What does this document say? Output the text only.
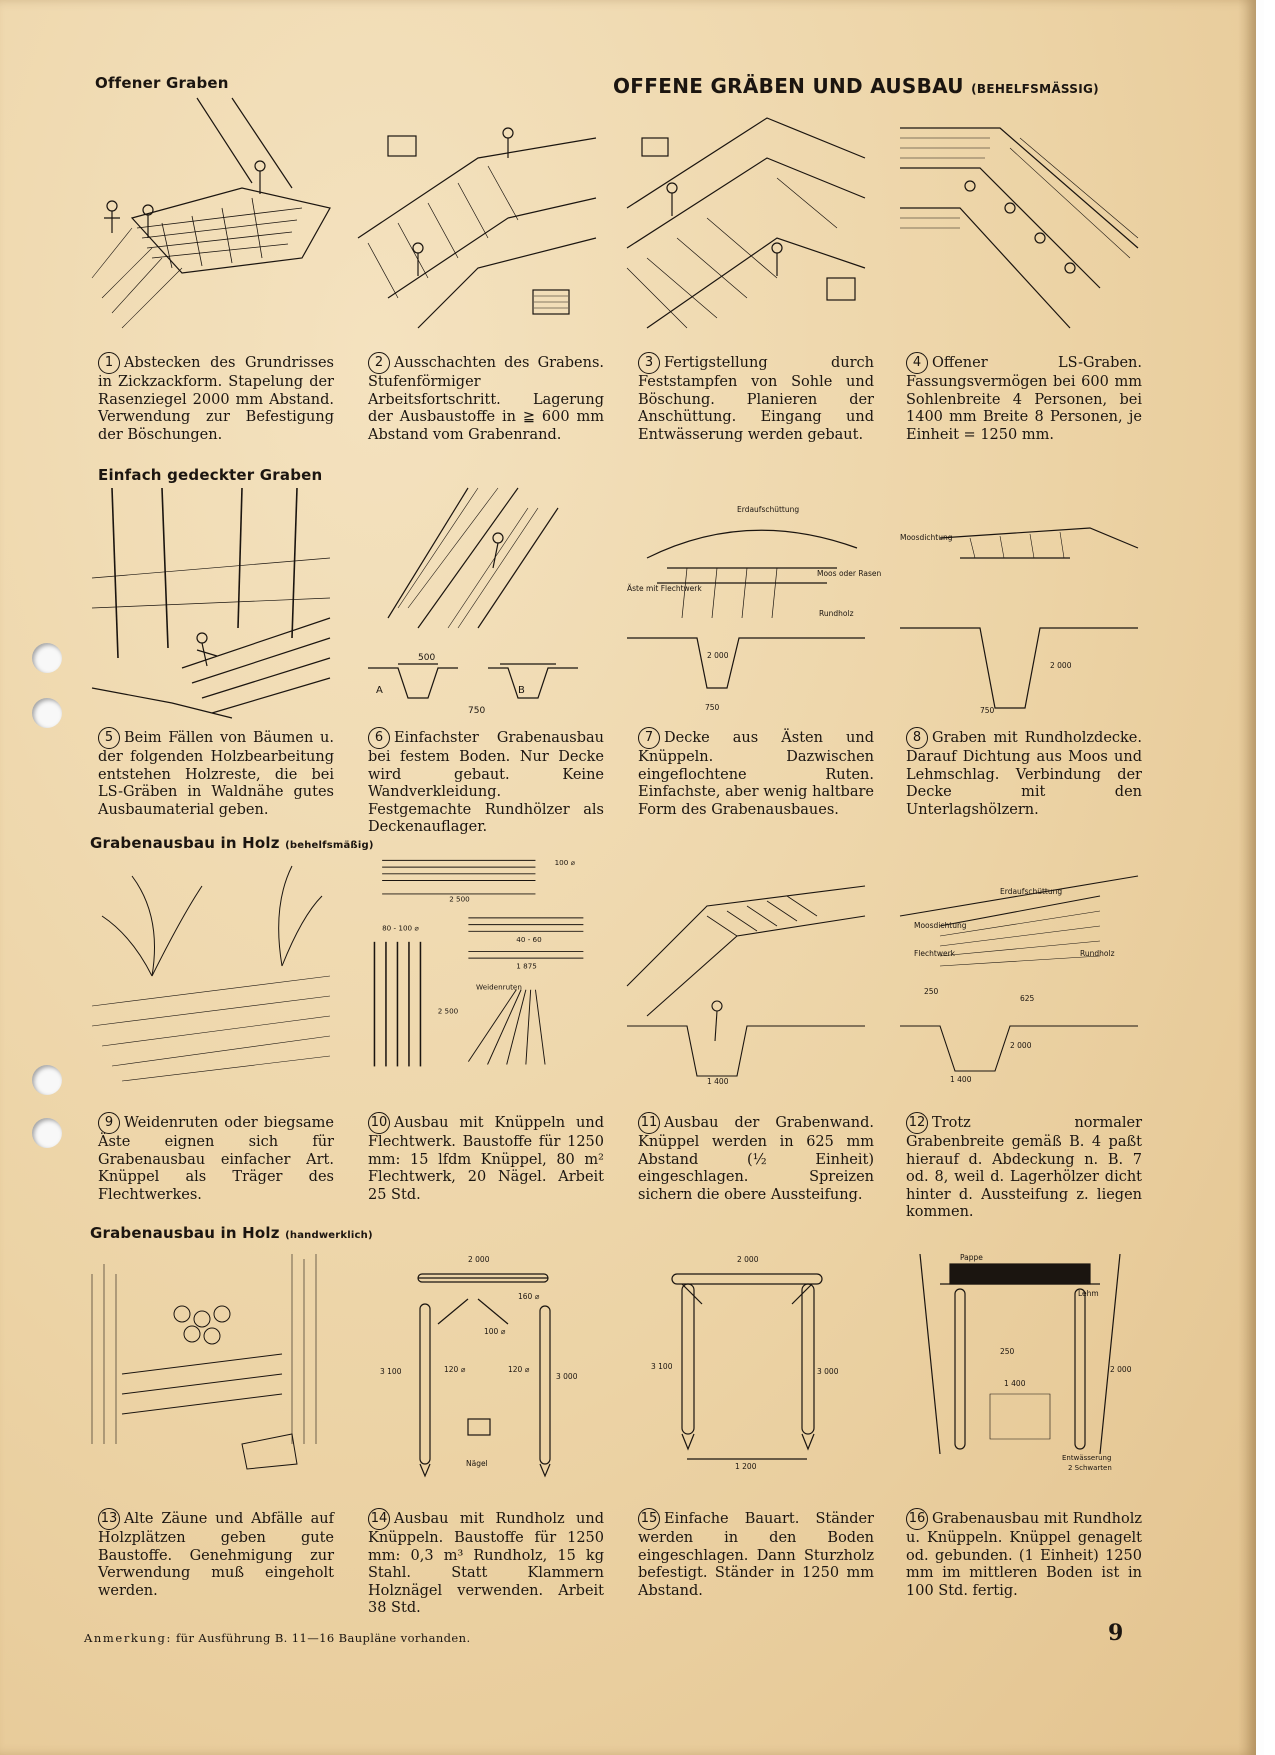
OFFENE GRÄBEN UND AUSBAU (BEHELFSMÄSSIG)
Offener Graben
Einfach gedeckter Graben
Grabenausbau in Holz (behelfsmäßig)
Grabenausbau in Holz (handwerklich)

1 Abstecken des Grundrisses in Zickzackform. Stapelung der Rasenziegel 2000 mm Abstand. Verwendung zur Befestigung der Böschungen.

2 Ausschachten des Grabens. Stufenförmiger Arbeitsfortschritt. Lagerung der Ausbaustoffe in ≧ 600 mm Abstand vom Grabenrand.

3 Fertigstellung durch Feststampfen von Sohle und Böschung. Planieren der Anschüttung. Eingang und Entwässerung werden gebaut.

4 Offener LS-Graben. Fassungsvermögen bei 600 mm Sohlenbreite 4 Personen, bei 1400 mm Breite 8 Personen, je Einheit = 1250 mm.

500
750
A	B
Erdaufschüttung
Äste mit Flechtwerk
Moos oder Rasen
Rundholz
2 000
750
Moosdichtung
2 000
750

5 Beim Fällen von Bäumen u. der folgenden Holzbearbeitung entstehen Holzreste, die bei LS-Gräben in Waldnähe gutes Ausbaumaterial geben.

6 Einfachster Grabenausbau bei festem Boden. Nur Decke wird gebaut. Keine Wandverkleidung. Festgemachte Rundhölzer als Deckenauflager.

7 Decke aus Ästen und Knüppeln. Dazwischen eingeflochtene Ruten. Einfachste, aber wenig haltbare Form des Grabenausbaues.

8 Graben mit Rundholzdecke. Darauf Dichtung aus Moos und Lehmschlag. Verbindung der Decke mit den Unterlagshölzern.

100 ⌀
2 500
80 - 100 ⌀
40 - 60
1 875
2 500
Weidenruten
1 400
Erdaufschüttung
Moosdichtung
Flechtwerk	Rundholz
250
625
2 000
1 400

9 Weidenruten oder biegsame Äste eignen sich für Grabenausbau einfacher Art. Knüppel als Träger des Flechtwerkes.

10 Ausbau mit Knüppeln und Flechtwerk. Baustoffe für 1250 mm: 15 lfdm Knüppel, 80 m² Flechtwerk, 20 Nägel. Arbeit 25 Std.

11 Ausbau der Grabenwand. Knüppel werden in 625 mm Abstand (½ Einheit) eingeschlagen. Spreizen sichern die obere Aussteifung.

12 Trotz normaler Grabenbreite gemäß B. 4 paßt hierauf d. Abdeckung n. B. 7 od. 8, weil d. Lagerhölzer dicht hinter d. Aussteifung z. liegen kommen.

2 000
160 ⌀
100 ⌀
120 ⌀	120 ⌀
3 100
3 000
Nägel
2 000
3 100
3 000
1 200
Pappe
Lehm
250
1 400
2 000
Entwässerung
2 Schwarten

13 Alte Zäune und Abfälle auf Holzplätzen geben gute Baustoffe. Genehmigung zur Verwendung muß eingeholt werden.

14 Ausbau mit Rundholz und Knüppeln. Baustoffe für 1250 mm: 0,3 m³ Rundholz, 15 kg Stahl. Statt Klammern Holznägel verwenden. Arbeit 38 Std.

15 Einfache Bauart. Ständer werden in den Boden eingeschlagen. Dann Sturzholz befestigt. Ständer in 1250 mm Abstand.

16 Grabenausbau mit Rundholz u. Knüppeln. Knüppel genagelt od. gebunden. (1 Einheit) 1250 mm im mittleren Boden ist in 100 Std. fertig.

Anmerkung: für Ausführung B. 11—16 Baupläne vorhanden.	9
